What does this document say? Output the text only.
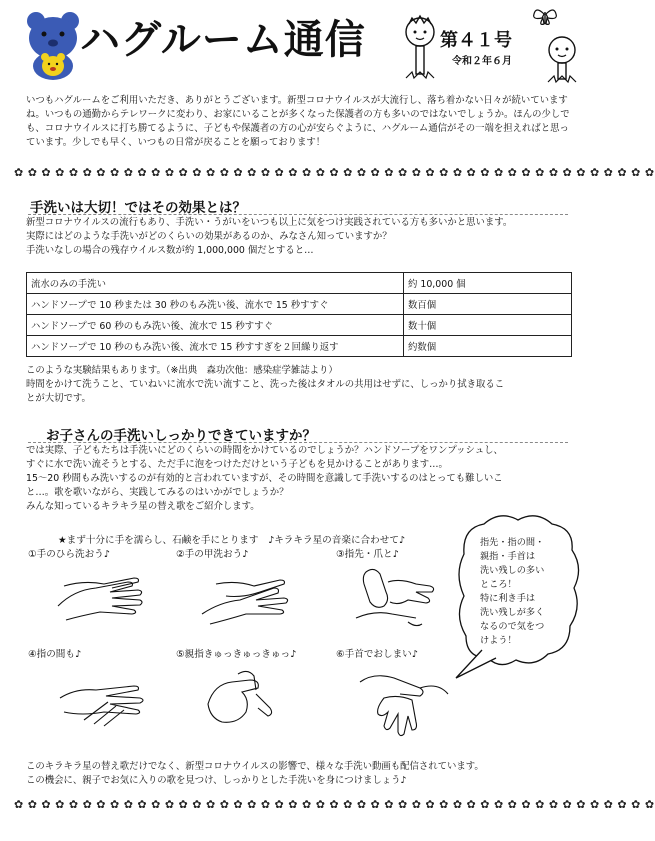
ハグルーム通信	第４１号
令和２年６月
いつもハグルームをご利用いただき、ありがとうございます。新型コロナウイルスが大流行し、落ち着かない日々が続いていますね。いつもの通勤からテレワークに変わり、お家にいることが多くなった保護者の方も多いのではないでしょうか。ほんの少しでも、コロナウイルスに打ち勝てるように、子どもや保護者の方の心が安らぐように、ハグルーム通信がその一端を担えればと思っています。少しでも早く、いつもの日常が戻ることを願っております！
✿ ✿ ✿ ✿ ✿ ✿ ✿ ✿ ✿ ✿ ✿ ✿ ✿ ✿ ✿ ✿ ✿ ✿ ✿ ✿ ✿ ✿ ✿ ✿ ✿ ✿ ✿ ✿ ✿ ✿ ✿ ✿ ✿ ✿ ✿ ✿ ✿ ✿ ✿ ✿ ✿ ✿ ✿ ✿ ✿ ✿ ✿
手洗いは大切！ではその効果とは？
新型コロナウイルスの流行もあり、手洗い・うがいをいつも以上に気をつけ実践されている方も多いかと思います。
実際にはどのような手洗いがどのくらいの効果があるのか、みなさん知っていますか？
手洗いなしの場合の残存ウイルス数が約 1,000,000 個だとすると…
流水のみの手洗い	約 10,000 個
ハンドソープで 10 秒または 30 秒のもみ洗い後、流水で 15 秒すすぐ	数百個
ハンドソープで 60 秒のもみ洗い後、流水で 15 秒すすぐ	数十個
ハンドソープで 10 秒のもみ洗い後、流水で 15 秒すすぎを２回繰り返す	約数個
このような実験結果もあります。（※出典　森功次他：感染症学雑誌より）
時間をかけて洗うこと、ていねいに流水で洗い流すこと、洗った後はタオルの共用はせずに、しっかり拭き取るこ
とが大切です。
お子さんの手洗いしっかりできていますか？
では実際、子どもたちは手洗いにどのくらいの時間をかけているのでしょうか？ハンドソープをワンプッシュし、
すぐに水で洗い流そうとする、ただ手に泡をつけただけという子どもを見かけることがあります…。
15～20 秒間もみ洗いするのが有効的と言われていますが、その時間を意識して手洗いするのはとっても難しいこ
と…。歌を歌いながら、実践してみるのはいかがでしょうか？
みんな知っているキラキラ星の替え歌をご紹介します。
★まず十分に手を濡らし、石鹸を手にとります　♪キラキラ星の音楽に合わせて♪
①手のひら洗おう♪	②手の甲洗おう♪	③指先・爪と♪
④指の間も♪	⑤親指きゅっきゅっきゅっ♪	⑥手首でおしまい♪
指先・指の間・
親指・手首は
洗い残しの多い
ところ！
特に利き手は
洗い残しが多く
なるので気をつ
けよう！
このキラキラ星の替え歌だけでなく、新型コロナウイルスの影響で、様々な手洗い動画も配信されています。
この機会に、親子でお気に入りの歌を見つけ、しっかりとした手洗いを身につけましょう♪
✿ ✿ ✿ ✿ ✿ ✿ ✿ ✿ ✿ ✿ ✿ ✿ ✿ ✿ ✿ ✿ ✿ ✿ ✿ ✿ ✿ ✿ ✿ ✿ ✿ ✿ ✿ ✿ ✿ ✿ ✿ ✿ ✿ ✿ ✿ ✿ ✿ ✿ ✿ ✿ ✿ ✿ ✿ ✿ ✿ ✿ ✿
